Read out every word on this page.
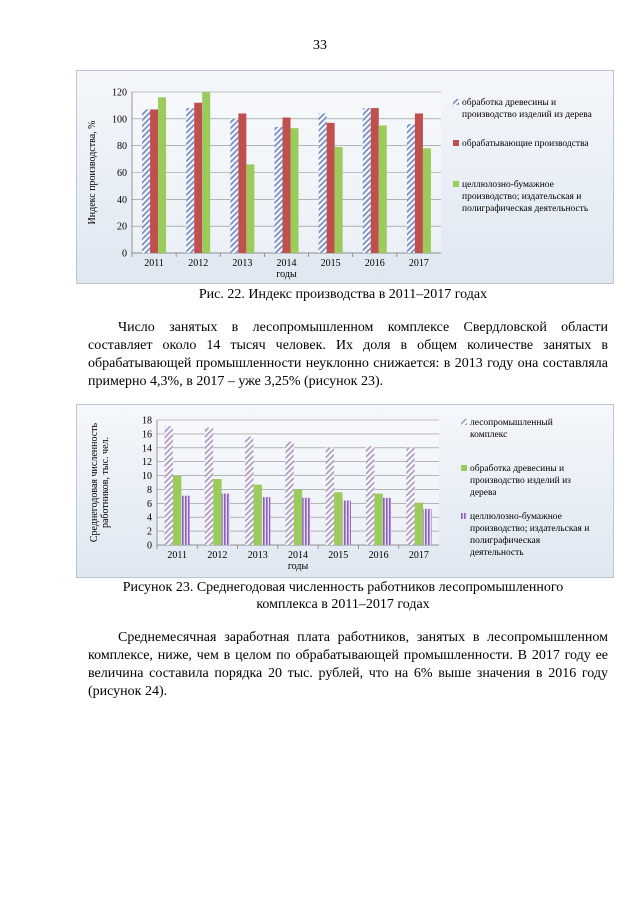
33
0
20
40
60
80
100
120
2011 2012 2013 2014 2015 2016 2017
годы
Индекс производства, %
обработка древесины и
производство изделий из дерева
обрабатывающие производства
целлюлозно-бумажное
производство; издательская и
полиграфическая деятельность
Рис. 22. Индекс производства в 2011–2017 годах

Число занятых в лесопромышленном комплексе Свердловской области составляет около 14 тысяч человек. Их доля в общем количестве занятых в обрабатывающей промышленности неуклонно снижается: в 2013 году она составляла примерно 4,3%, в 2017 – уже 3,25% (рисунок 23).

0
2
4
6
8
10
12
14
16
18
2011 2012 2013 2014 2015 2016 2017
годы
Среднегодовая численность работников, тыс. чел.
лесопромышленный
комплекс
обработка древесины и
производство изделий из
дерева
целлюлозно-бумажное
производство; издательская и
полиграфическая
деятельность
Рисунок 23. Среднегодовая численность работников лесопромышленного
комплекса в 2011–2017 годах

Среднемесячная заработная плата работников, занятых в лесопромышленном комплексе, ниже, чем в целом по обрабатывающей промышленности. В 2017 году ее величина составила порядка 20 тыс. рублей, что на 6% выше значения в 2016 году (рисунок 24).
